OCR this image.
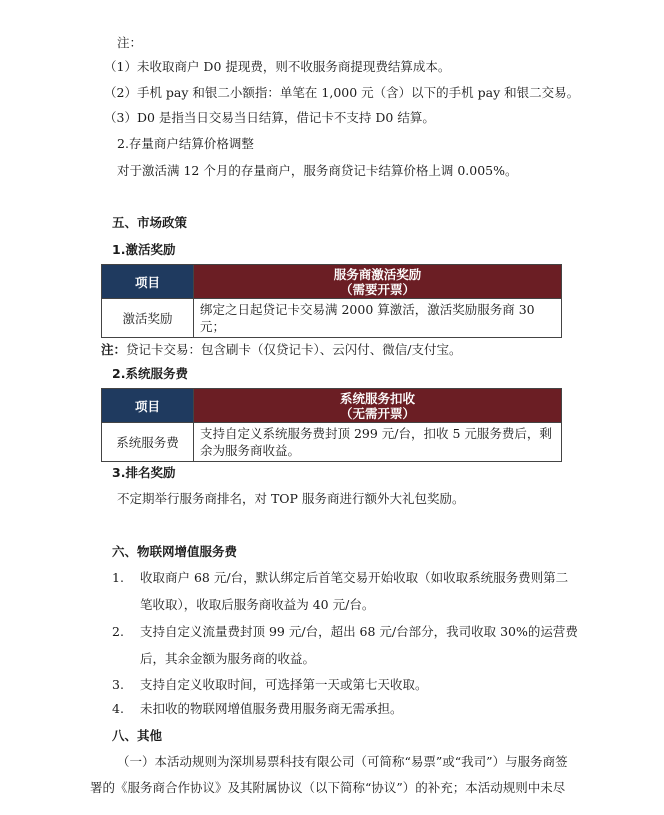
注：
（1）未收取商户 D0 提现费，则不收服务商提现费结算成本。
（2）手机 pay 和银二小额指：单笔在 1,000 元（含）以下的手机 pay 和银二交易。
（3）D0 是指当日交易当日结算，借记卡不支持 D0 结算。
2.存量商户结算价格调整
对于激活满 12 个月的存量商户，服务商贷记卡结算价格上调 0.005%。
五、市场政策
1.激活奖励
项目	服务商激活奖励
（需要开票）

激活奖励	绑定之日起贷记卡交易满 2000 算激活，激活奖励服务商 30 元；
注：贷记卡交易：包含刷卡（仅贷记卡）、云闪付、微信/支付宝。
2.系统服务费
项目	系统服务扣收
（无需开票）

系统服务费	支持自定义系统服务费封顶 299 元/台，扣收 5 元服务费后，剩余为服务商收益。
3.排名奖励
不定期举行服务商排名，对 TOP 服务商进行额外大礼包奖励。
六、物联网增值服务费
1. 收取商户 68 元/台，默认绑定后首笔交易开始收取（如收取系统服务费则第二
笔收取），收取后服务商收益为 40 元/台。
2. 支持自定义流量费封顶 99 元/台，超出 68 元/台部分，我司收取 30%的运营费
后，其余金额为服务商的收益。
3. 支持自定义收取时间，可选择第一天或第七天收取。
4. 未扣收的物联网增值服务费用服务商无需承担。
八、其他
（一）本活动规则为深圳易票科技有限公司（可简称“易票”或“我司”）与服务商签
署的《服务商合作协议》及其附属协议（以下简称“协议”）的补充；本活动规则中未尽
